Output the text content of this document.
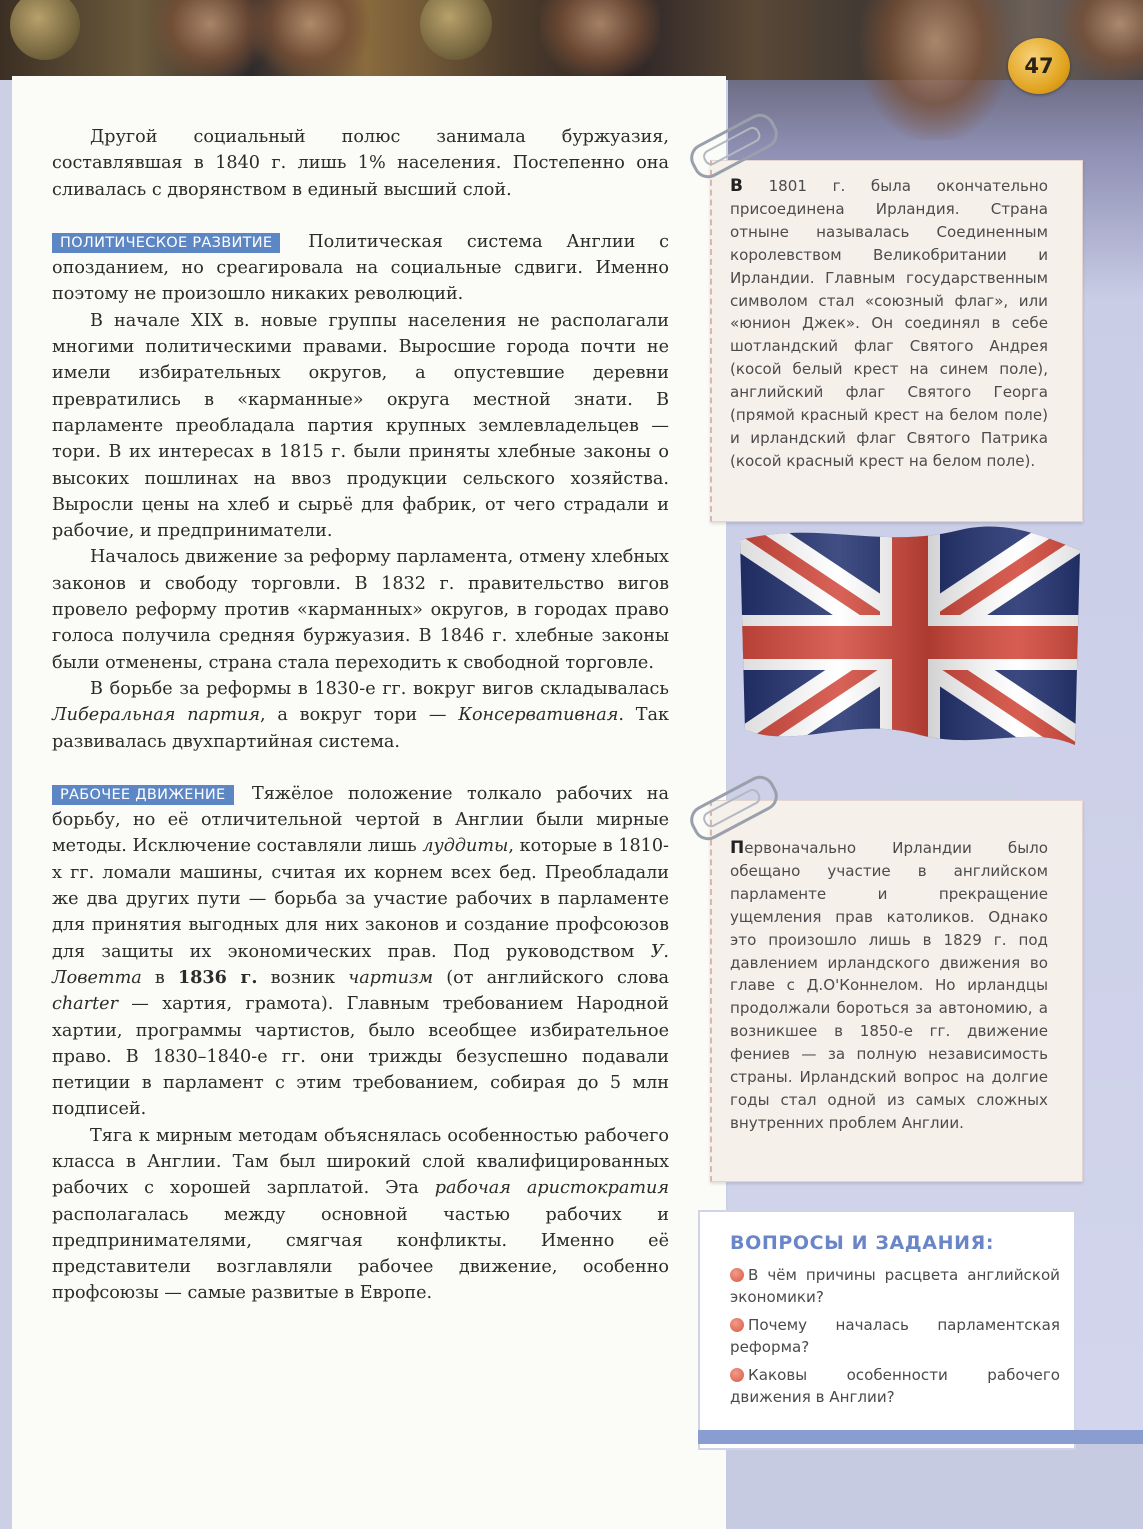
47

Другой социальный полюс занимала буржуазия, составлявшая в 1840 г. лишь 1% населения. Постепенно она сливалась с дворянством в единый высший слой.

ПОЛИТИЧЕСКОЕ РАЗВИТИЕ Политическая система Англии с опозданием, но среагировала на социальные сдвиги. Именно поэтому не произошло никаких революций.

В начале XIX в. новые группы населения не располагали многими политическими правами. Выросшие города почти не имели избирательных округов, а опустевшие деревни превратились в «карманные» округа местной знати. В парламенте преобладала партия крупных землевладельцев — тори. В их интересах в 1815 г. были приняты хлебные законы о высоких пошлинах на ввоз продукции сельского хозяйства. Выросли цены на хлеб и сырьё для фабрик, от чего страдали и рабочие, и предприниматели.

Началось движение за реформу парламента, отмену хлебных законов и свободу торговли. В 1832 г. правительство вигов провело реформу против «карманных» округов, в городах право голоса получила средняя буржуазия. В 1846 г. хлебные законы были отменены, страна стала переходить к свободной торговле.

В борьбе за реформы в 1830-е гг. вокруг вигов складывалась Либеральная партия, а вокруг тори — Консервативная. Так развивалась двухпартийная система.

РАБОЧЕЕ ДВИЖЕНИЕ Тяжёлое положение толкало рабочих на борьбу, но её отличительной чертой в Англии были мирные методы. Исключение составляли лишь луддиты, которые в 1810-х гг. ломали машины, считая их корнем всех бед. Преобладали же два других пути — борьба за участие рабочих в парламенте для принятия выгодных для них законов и создание профсоюзов для защиты их экономических прав. Под руководством У. Ловетта в 1836 г. возник чартизм (от английского слова charter — хартия, грамота). Главным требованием Народной хартии, программы чартистов, было всеобщее избирательное право. В 1830–1840-е гг. они трижды безуспешно подавали петиции в парламент с этим требованием, собирая до 5 млн подписей.

Тяга к мирным методам объяснялась особенностью рабочего класса в Англии. Там был широкий слой квалифицированных рабочих с хорошей зарплатой. Эта рабочая аристократия располагалась между основной частью рабочих и предпринимателями, смягчая конфликты. Именно её представители возглавляли рабочее движение, особенно профсоюзы — самые развитые в Европе.

В 1801 г. была окончательно присоединена Ирландия. Страна отныне называлась Соединенным королевством Великобритании и Ирландии. Главным государственным символом стал «союзный флаг», или «юнион Джек». Он соединял в себе шотландский флаг Святого Андрея (косой белый крест на синем поле), английский флаг Святого Георга (прямой красный крест на белом поле) и ирландский флаг Святого Патрика (косой красный крест на белом поле).

Первоначально Ирландии было обещано участие в английском парламенте и прекращение ущемления прав католиков. Однако это произошло лишь в 1829 г. под давлением ирландского движения во главе с Д.О'Коннелом. Но ирландцы продолжали бороться за автономию, а возникшее в 1850-е гг. движение фениев — за полную независимость страны. Ирландский вопрос на долгие годы стал одной из самых сложных внутренних проблем Англии.

ВОПРОСЫ И ЗАДАНИЯ:
В чём причины расцвета английской экономики?
Почему началась парламентская реформа?
Каковы особенности рабочего движения в Англии?
